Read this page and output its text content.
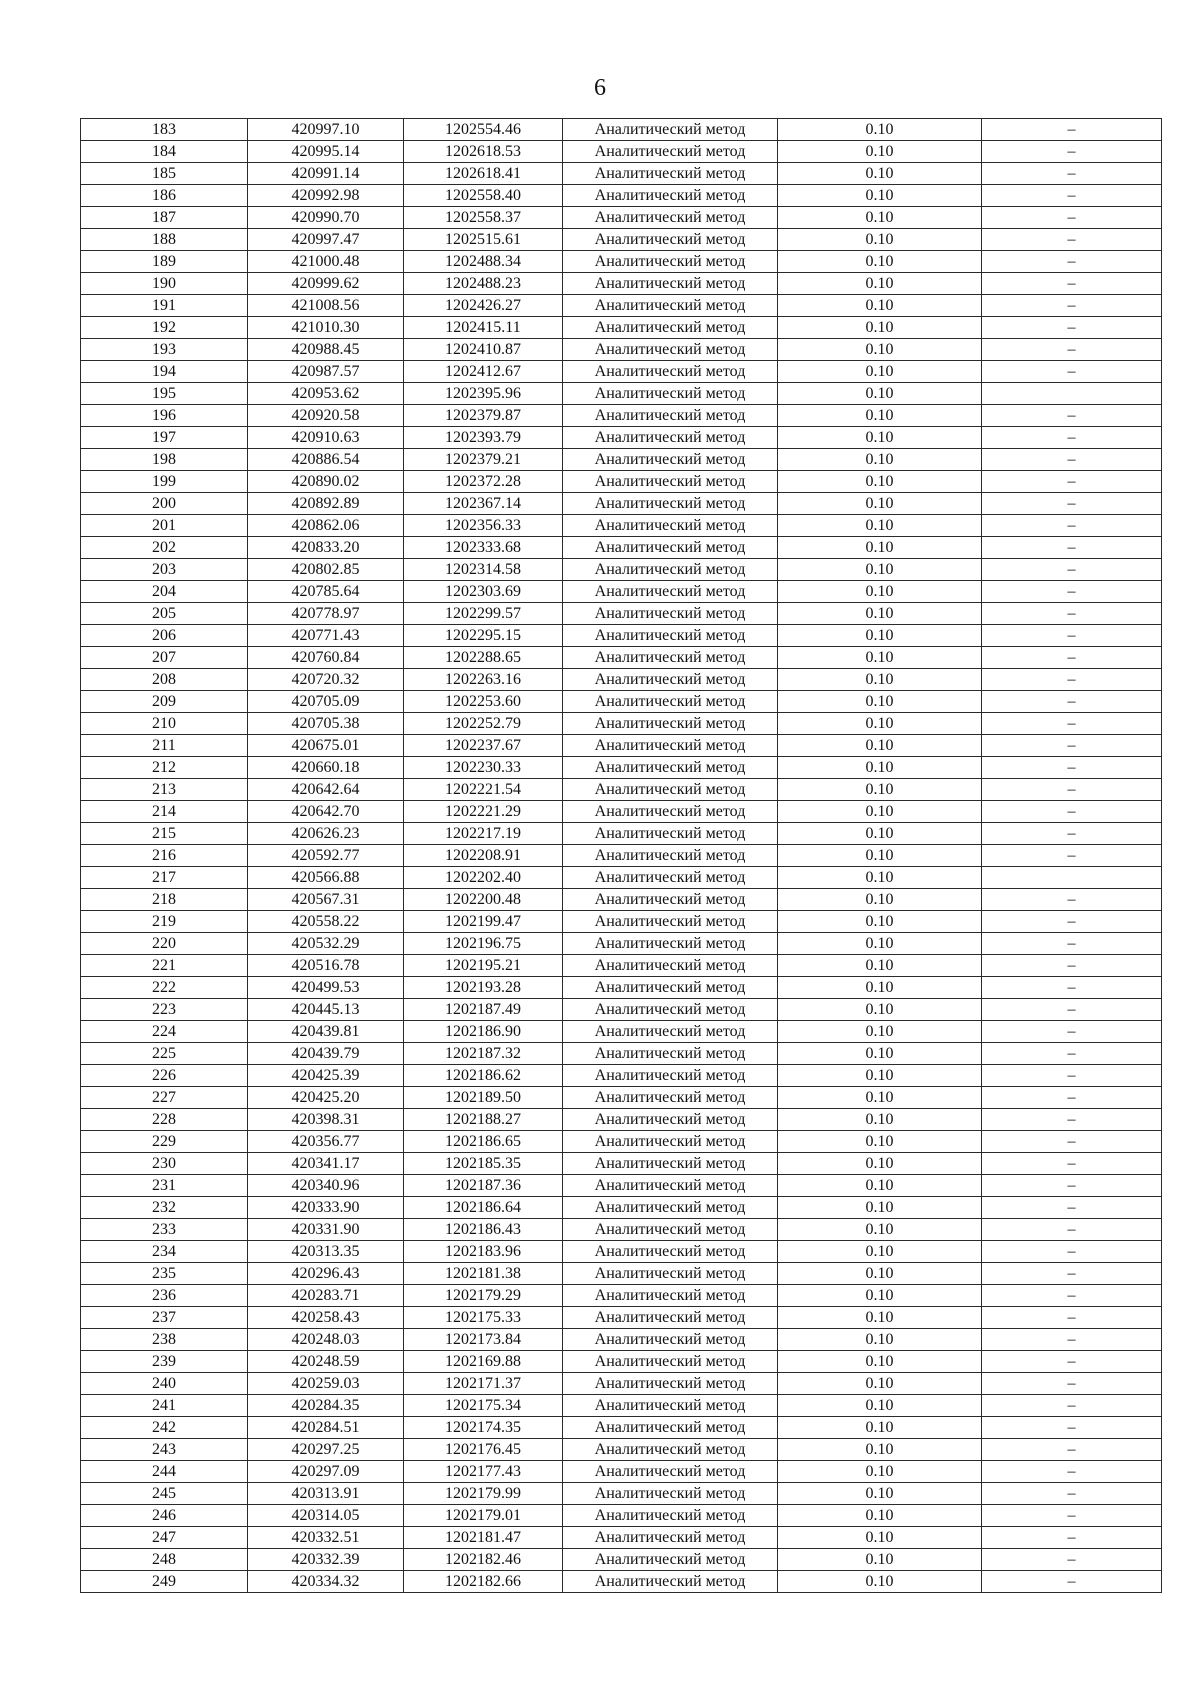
6
183	420997.10	1202554.46	Аналитический метод	0.10	–
184	420995.14	1202618.53	Аналитический метод	0.10	–
185	420991.14	1202618.41	Аналитический метод	0.10	–
186	420992.98	1202558.40	Аналитический метод	0.10	–
187	420990.70	1202558.37	Аналитический метод	0.10	–
188	420997.47	1202515.61	Аналитический метод	0.10	–
189	421000.48	1202488.34	Аналитический метод	0.10	–
190	420999.62	1202488.23	Аналитический метод	0.10	–
191	421008.56	1202426.27	Аналитический метод	0.10	–
192	421010.30	1202415.11	Аналитический метод	0.10	–
193	420988.45	1202410.87	Аналитический метод	0.10	–
194	420987.57	1202412.67	Аналитический метод	0.10	–
195	420953.62	1202395.96	Аналитический метод	0.10	
196	420920.58	1202379.87	Аналитический метод	0.10	–
197	420910.63	1202393.79	Аналитический метод	0.10	–
198	420886.54	1202379.21	Аналитический метод	0.10	–
199	420890.02	1202372.28	Аналитический метод	0.10	–
200	420892.89	1202367.14	Аналитический метод	0.10	–
201	420862.06	1202356.33	Аналитический метод	0.10	–
202	420833.20	1202333.68	Аналитический метод	0.10	–
203	420802.85	1202314.58	Аналитический метод	0.10	–
204	420785.64	1202303.69	Аналитический метод	0.10	–
205	420778.97	1202299.57	Аналитический метод	0.10	–
206	420771.43	1202295.15	Аналитический метод	0.10	–
207	420760.84	1202288.65	Аналитический метод	0.10	–
208	420720.32	1202263.16	Аналитический метод	0.10	–
209	420705.09	1202253.60	Аналитический метод	0.10	–
210	420705.38	1202252.79	Аналитический метод	0.10	–
211	420675.01	1202237.67	Аналитический метод	0.10	–
212	420660.18	1202230.33	Аналитический метод	0.10	–
213	420642.64	1202221.54	Аналитический метод	0.10	–
214	420642.70	1202221.29	Аналитический метод	0.10	–
215	420626.23	1202217.19	Аналитический метод	0.10	–
216	420592.77	1202208.91	Аналитический метод	0.10	–
217	420566.88	1202202.40	Аналитический метод	0.10	
218	420567.31	1202200.48	Аналитический метод	0.10	–
219	420558.22	1202199.47	Аналитический метод	0.10	–
220	420532.29	1202196.75	Аналитический метод	0.10	–
221	420516.78	1202195.21	Аналитический метод	0.10	–
222	420499.53	1202193.28	Аналитический метод	0.10	–
223	420445.13	1202187.49	Аналитический метод	0.10	–
224	420439.81	1202186.90	Аналитический метод	0.10	–
225	420439.79	1202187.32	Аналитический метод	0.10	–
226	420425.39	1202186.62	Аналитический метод	0.10	–
227	420425.20	1202189.50	Аналитический метод	0.10	–
228	420398.31	1202188.27	Аналитический метод	0.10	–
229	420356.77	1202186.65	Аналитический метод	0.10	–
230	420341.17	1202185.35	Аналитический метод	0.10	–
231	420340.96	1202187.36	Аналитический метод	0.10	–
232	420333.90	1202186.64	Аналитический метод	0.10	–
233	420331.90	1202186.43	Аналитический метод	0.10	–
234	420313.35	1202183.96	Аналитический метод	0.10	–
235	420296.43	1202181.38	Аналитический метод	0.10	–
236	420283.71	1202179.29	Аналитический метод	0.10	–
237	420258.43	1202175.33	Аналитический метод	0.10	–
238	420248.03	1202173.84	Аналитический метод	0.10	–
239	420248.59	1202169.88	Аналитический метод	0.10	–
240	420259.03	1202171.37	Аналитический метод	0.10	–
241	420284.35	1202175.34	Аналитический метод	0.10	–
242	420284.51	1202174.35	Аналитический метод	0.10	–
243	420297.25	1202176.45	Аналитический метод	0.10	–
244	420297.09	1202177.43	Аналитический метод	0.10	–
245	420313.91	1202179.99	Аналитический метод	0.10	–
246	420314.05	1202179.01	Аналитический метод	0.10	–
247	420332.51	1202181.47	Аналитический метод	0.10	–
248	420332.39	1202182.46	Аналитический метод	0.10	–
249	420334.32	1202182.66	Аналитический метод	0.10	–
